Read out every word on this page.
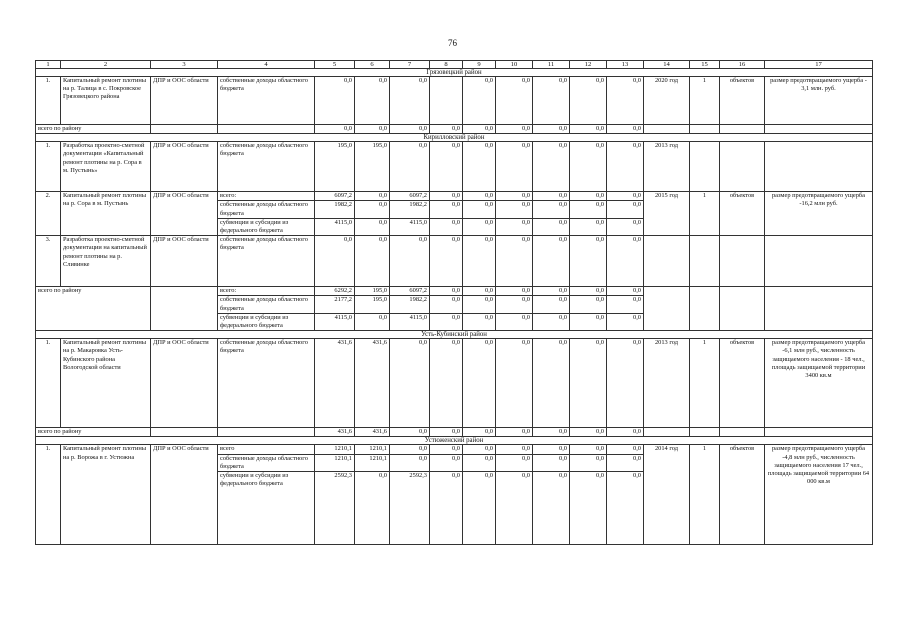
76
1	2	3	4	5	6	7	8	9	10	11	12	13	14	15	16	17
Грязовецкий район																
1.	Капитальный ремонт плотины на р. Талица в с. Покровское Грязовецкого района	ДПР и ООС области	собственные доходы областного бюджета	0,0	0,0	0,0		0,0	0,0	0,0	0,0	0,0	2020 год	1	объектов	размер предотвращаемого ущерба - 3,1 млн. руб.
всего по району				0,0	0,0	0,0	0,0	0,0	0,0	0,0	0,0	0,0				
Кирилловский район																
1.	Разработка проектно-сметной документации «Капитальный ремонт плотины на р. Сора в м. Пустынь»	ДПР и ООС области	собственные доходы областного бюджета	195,0	195,0	0,0	0,0	0,0	0,0	0,0	0,0	0,0	2013 год			
2.	Капитальный ремонт плотины на р. Сора в м. Пустынь	ДПР и ООС области	всего:	6097,2	0,0	6097,2	0,0	0,0	0,0	0,0	0,0	0,0	2015 год	1	объектов	размер предотвращаемого ущерба -16,2 млн руб.
			собственные доходы областного бюджета	1982,2	0,0	1982,2	0,0	0,0	0,0	0,0	0,0	0,0				
			субвенции и субсидии из федерального бюджета	4115,0	0,0	4115,0	0,0	0,0	0,0	0,0	0,0	0,0				
3.	Разработка проектно-сметной документации на капитальный ремонт плотины на р. Сливинке	ДПР и ООС области	собственные доходы областного бюджета	0,0	0,0	0,0	0,0	0,0	0,0	0,0	0,0	0,0				
всего по району			всего:	6292,2	195,0	6097,2	0,0	0,0	0,0	0,0	0,0	0,0				
			собственные доходы областного бюджета	2177,2	195,0	1982,2	0,0	0,0	0,0	0,0	0,0	0,0				
			субвенции и субсидии из федерального бюджета	4115,0	0,0	4115,0	0,0	0,0	0,0	0,0	0,0	0,0				
Усть-Кубинский район																
1.	Капитальный ремонт плотины на р. Макаровка Усть-Кубинского района Вологодской области	ДПР и ООС области	собственные доходы областного бюджета	431,6	431,6	0,0	0,0	0,0	0,0	0,0	0,0	0,0	2013 год	1	объектов	размер предотвращаемого ущерба -6,1 млн руб., численность защищаемого населения - 18 чел., площадь защищаемой территории 3400 кв.м
всего по району				431,6	431,6	0,0	0,0	0,0	0,0	0,0	0,0	0,0				
Устюженский район																
1.	Капитальный ремонт плотины на р. Ворожа в г. Устюжна	ДПР и ООС области	всего	1210,1	1210,1	0,0	0,0	0,0	0,0	0,0	0,0	0,0	2014 год	1	объектов	размер предотвращаемого ущерба -4,8 млн руб., численность защищаемого населения 17 чел., площадь защищаемой территории 64 000 кв.м
			собственные доходы областного бюджета	1210,1	1210,1	0,0	0,0	0,0	0,0	0,0	0,0	0,0				
			субвенции и субсидии из федерального бюджета	2592,3	0,0	2592,3	0,0	0,0	0,0	0,0	0,0	0,0				
